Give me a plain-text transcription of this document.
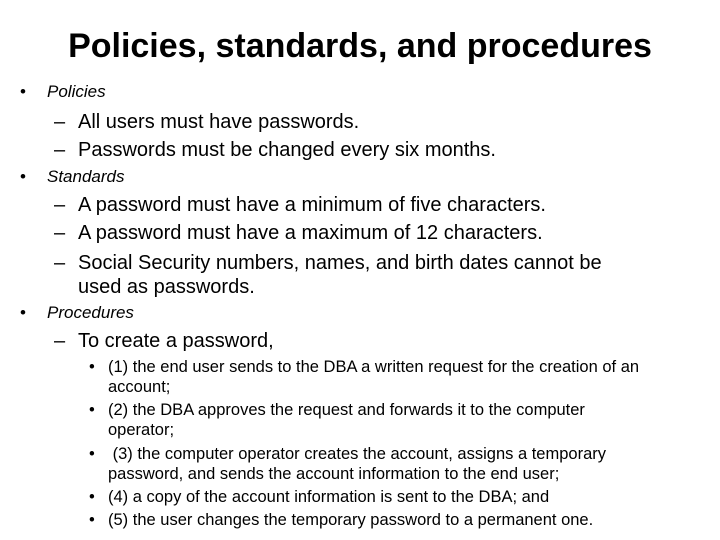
Policies, standards, and procedures
• Policies
– All users must have passwords.
– Passwords must be changed every six months.
• Standards
– A password must have a minimum of five characters.
– A password must have a maximum of 12 characters.
– Social Security numbers, names, and birth dates cannot be
used as passwords.
• Procedures
– To create a password,
• (1) the end user sends to the DBA a written request for the creation of an
account;
• (2) the DBA approves the request and forwards it to the computer
operator;
• (3) the computer operator creates the account, assigns a temporary
password, and sends the account information to the end user;
• (4) a copy of the account information is sent to the DBA; and
• (5) the user changes the temporary password to a permanent one.
